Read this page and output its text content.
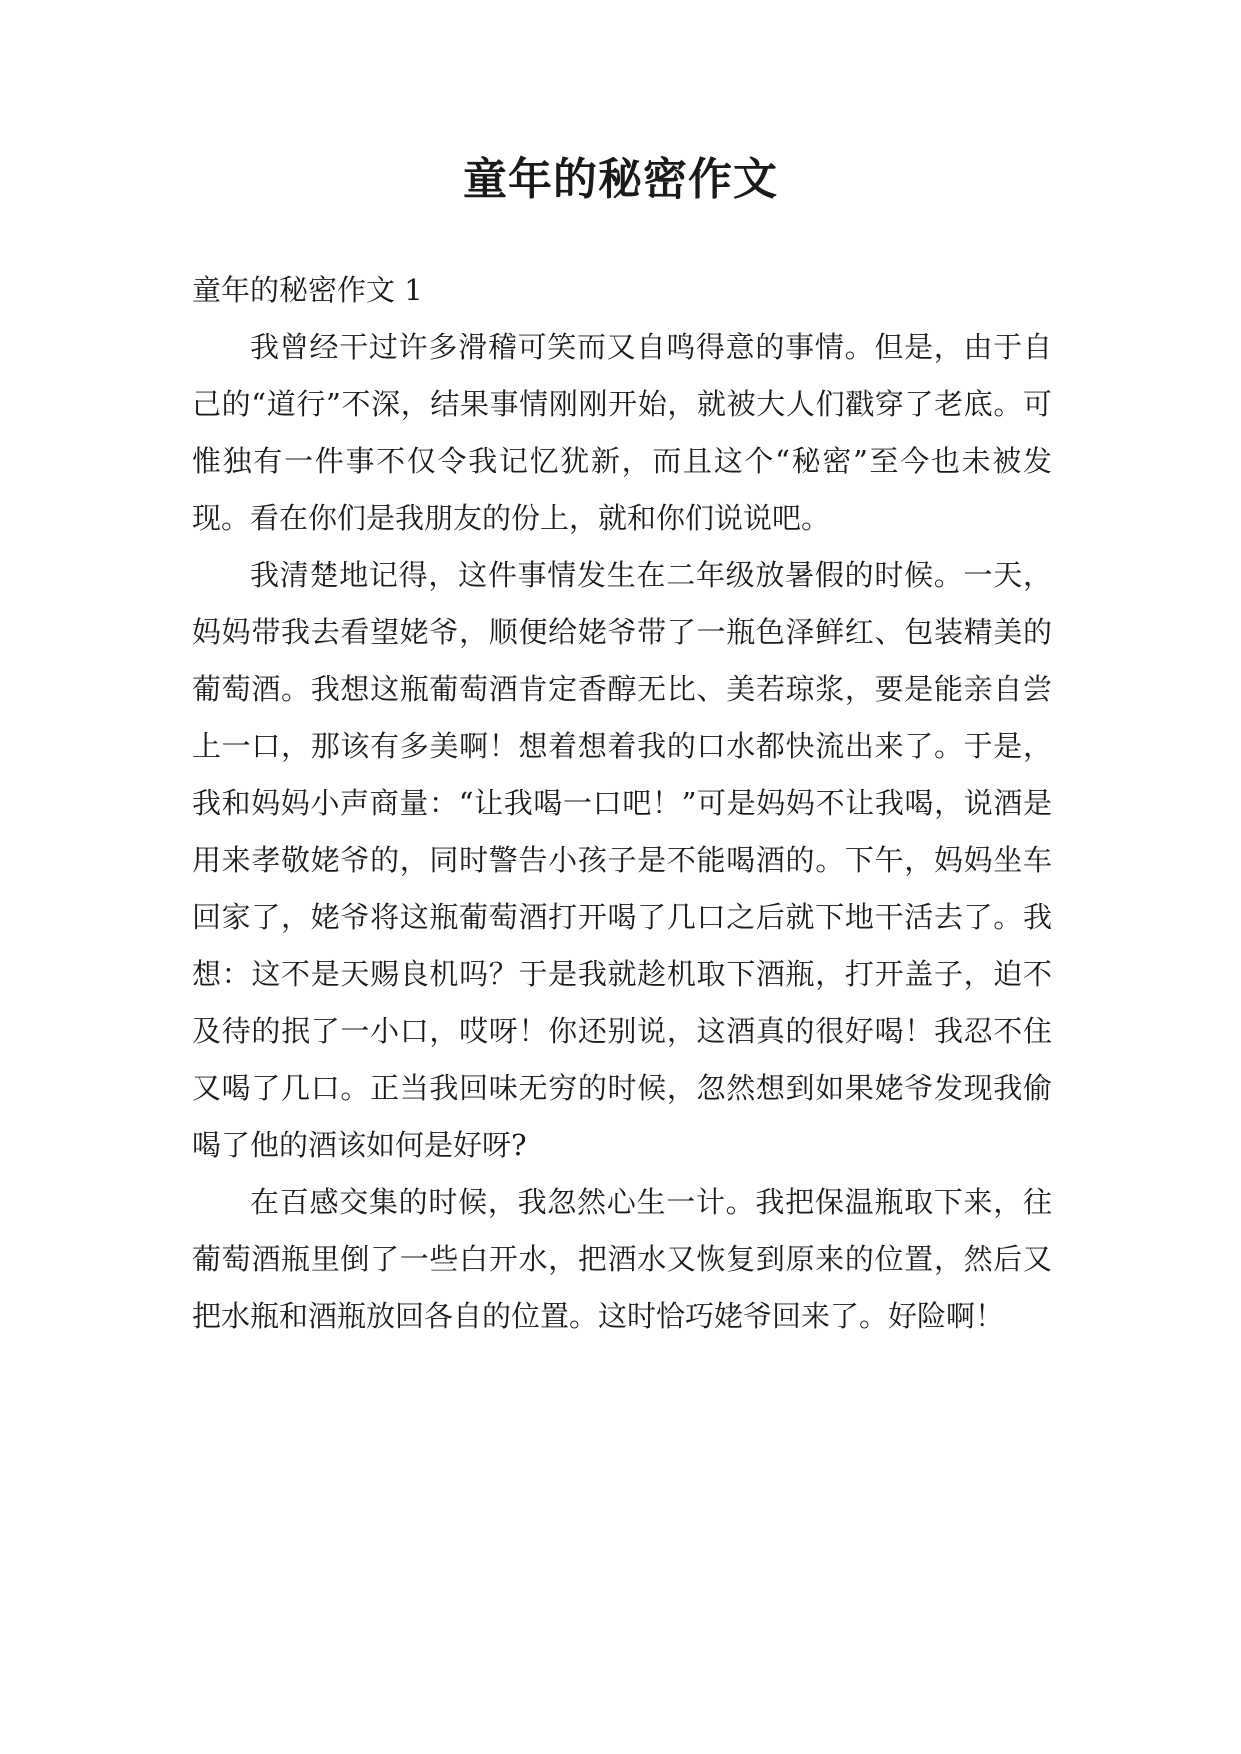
童年的秘密作文

童年的秘密作文 1

我曾经干过许多滑稽可笑而又自鸣得意的事情。但是，由于自己的“道行”不深，结果事情刚刚开始，就被大人们戳穿了老底。可惟独有一件事不仅令我记忆犹新，而且这个“秘密”至今也未被发现。看在你们是我朋友的份上，就和你们说说吧。

我清楚地记得，这件事情发生在二年级放暑假的时候。一天，妈妈带我去看望姥爷，顺便给姥爷带了一瓶色泽鲜红、包装精美的葡萄酒。我想这瓶葡萄酒肯定香醇无比、美若琼浆，要是能亲自尝上一口，那该有多美啊！想着想着我的口水都快流出来了。于是，我和妈妈小声商量：“让我喝一口吧！”可是妈妈不让我喝，说酒是用来孝敬姥爷的，同时警告小孩子是不能喝酒的。下午，妈妈坐车回家了，姥爷将这瓶葡萄酒打开喝了几口之后就下地干活去了。我想：这不是天赐良机吗？于是我就趁机取下酒瓶，打开盖子，迫不及待的抿了一小口，哎呀！你还别说，这酒真的很好喝！我忍不住又喝了几口。正当我回味无穷的时候，忽然想到如果姥爷发现我偷喝了他的酒该如何是好呀?

在百感交集的时候，我忽然心生一计。我把保温瓶取下来，往葡萄酒瓶里倒了一些白开水，把酒水又恢复到原来的位置，然后又把水瓶和酒瓶放回各自的位置。这时恰巧姥爷回来了。好险啊！
